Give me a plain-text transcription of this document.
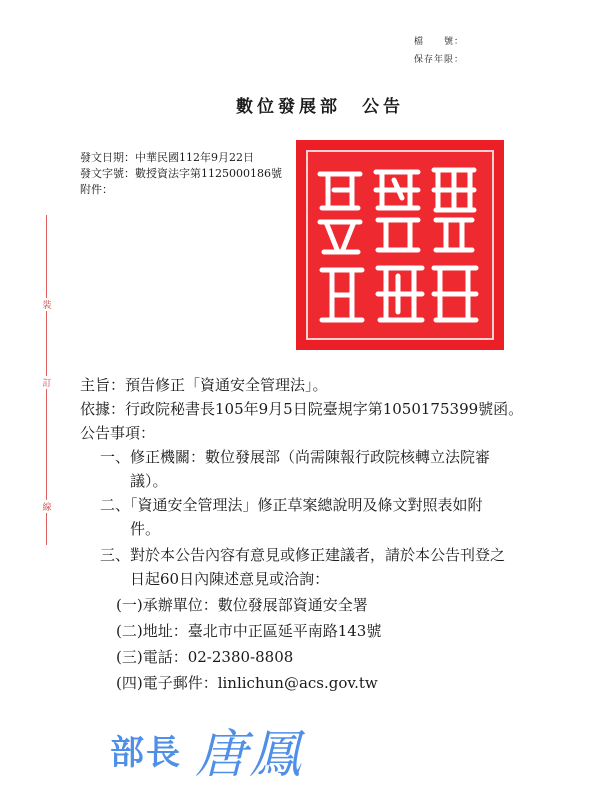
檔　　號：
保存年限：
數位發展部　公告
發文日期：中華民國112年9月22日
發文字號：數授資法字第1125000186號
附件：
裝
訂
線
主旨：預告修正「資通安全管理法」。
依據：行政院秘書長105年9月5日院臺規字第1050175399號函。
公告事項：
一、修正機關：數位發展部（尚需陳報行政院核轉立法院審
議）。
二、「資通安全管理法」修正草案總說明及條文對照表如附
件。
三、對於本公告內容有意見或修正建議者，請於本公告刊登之
日起60日內陳述意見或洽詢：
(一)承辦單位：數位發展部資通安全署
(二)地址：臺北市中正區延平南路143號
(三)電話：02-2380-8808
(四)電子郵件：linlichun@acs.gov.tw
部長 唐鳳
